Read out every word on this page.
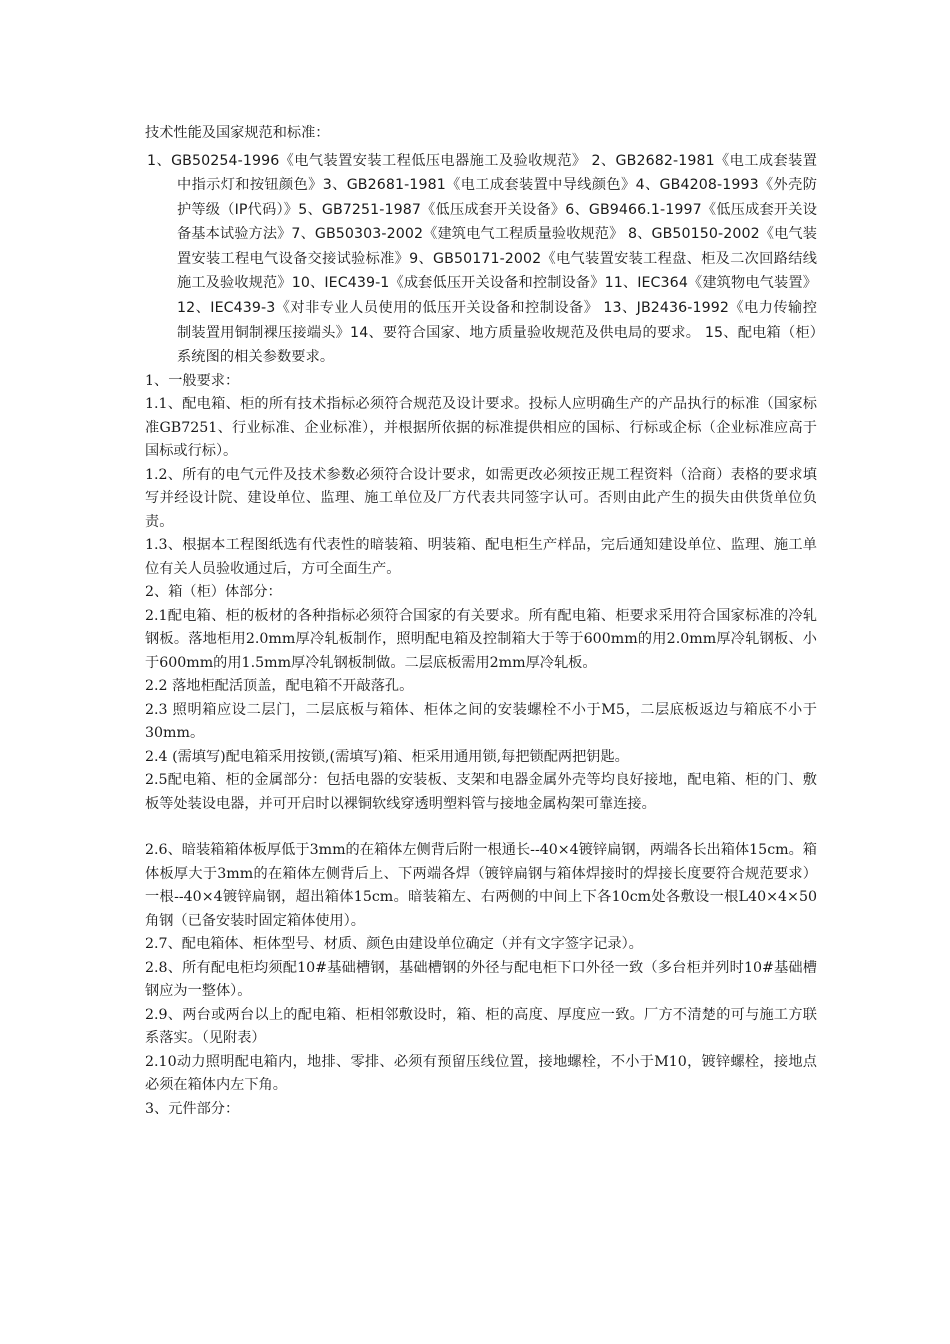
技术性能及国家规范和标准：

1、GB50254-1996《电气装置安装工程低压电器施工及验收规范》 2、GB2682-1981《电工成套装置中指示灯和按钮颜色》3、GB2681-1981《电工成套装置中导线颜色》4、GB4208-1993《外壳防护等级（IP代码）》5、GB7251-1987《低压成套开关设备》6、GB9466.1-1997《低压成套开关设备基本试验方法》7、GB50303-2002《建筑电气工程质量验收规范》 8、GB50150-2002《电气装置安装工程电气设备交接试验标准》9、GB50171-2002《电气装置安装工程盘、柜及二次回路结线施工及验收规范》10、IEC439-1《成套低压开关设备和控制设备》11、IEC364《建筑物电气装置》 12、IEC439-3《对非专业人员使用的低压开关设备和控制设备》 13、JB2436-1992《电力传输控制装置用铜制裸压接端头》14、要符合国家、地方质量验收规范及供电局的要求。 15、配电箱（柜）系统图的相关参数要求。

1、一般要求：

1.1、配电箱、柜的所有技术指标必须符合规范及设计要求。投标人应明确生产的产品执行的标准（国家标准GB7251、行业标准、企业标准），并根据所依据的标准提供相应的国标、行标或企标（企业标准应高于国标或行标）。

1.2、所有的电气元件及技术参数必须符合设计要求，如需更改必须按正规工程资料（洽商）表格的要求填写并经设计院、建设单位、监理、施工单位及厂方代表共同签字认可。否则由此产生的损失由供货单位负责。

1.3、根据本工程图纸选有代表性的暗装箱、明装箱、配电柜生产样品，完后通知建设单位、监理、施工单位有关人员验收通过后，方可全面生产。

2、箱（柜）体部分：

2.1配电箱、柜的板材的各种指标必须符合国家的有关要求。所有配电箱、柜要求采用符合国家标准的冷轧钢板。落地柜用2.0mm厚冷轧板制作，照明配电箱及控制箱大于等于600mm的用2.0mm厚冷轧钢板、小于600mm的用1.5mm厚冷轧钢板制做。二层底板需用2mm厚冷轧板。

2.2 落地柜配活顶盖，配电箱不开敲落孔。

2.3 照明箱应设二层门，二层底板与箱体、柜体之间的安装螺栓不小于M5，二层底板返边与箱底不小于30mm。

2.4 (需填写)配电箱采用按锁,(需填写)箱、柜采用通用锁,每把锁配两把钥匙。

2.5配电箱、柜的金属部分：包括电器的安装板、支架和电器金属外壳等均良好接地，配电箱、柜的门、敷板等处装设电器，并可开启时以裸铜软线穿透明塑料管与接地金属构架可靠连接。

2.6、暗装箱箱体板厚低于3mm的在箱体左侧背后附一根通长--40×4镀锌扁钢，两端各长出箱体15cm。箱体板厚大于3mm的在箱体左侧背后上、下两端各焊（镀锌扁钢与箱体焊接时的焊接长度要符合规范要求）一根--40×4镀锌扁钢，超出箱体15cm。暗装箱左、右两侧的中间上下各10cm处各敷设一根L40×4×50角钢（已备安装时固定箱体使用）。

2.7、配电箱体、柜体型号、材质、颜色由建设单位确定（并有文字签字记录）。

2.8、所有配电柜均须配10#基础槽钢，基础槽钢的外径与配电柜下口外径一致（多台柜并列时10#基础槽钢应为一整体）。

2.9、两台或两台以上的配电箱、柜相邻敷设时，箱、柜的高度、厚度应一致。厂方不清楚的可与施工方联系落实。（见附表）

2.10动力照明配电箱内，地排、零排、必须有预留压线位置，接地螺栓，不小于M10，镀锌螺栓，接地点必须在箱体内左下角。

3、元件部分：
